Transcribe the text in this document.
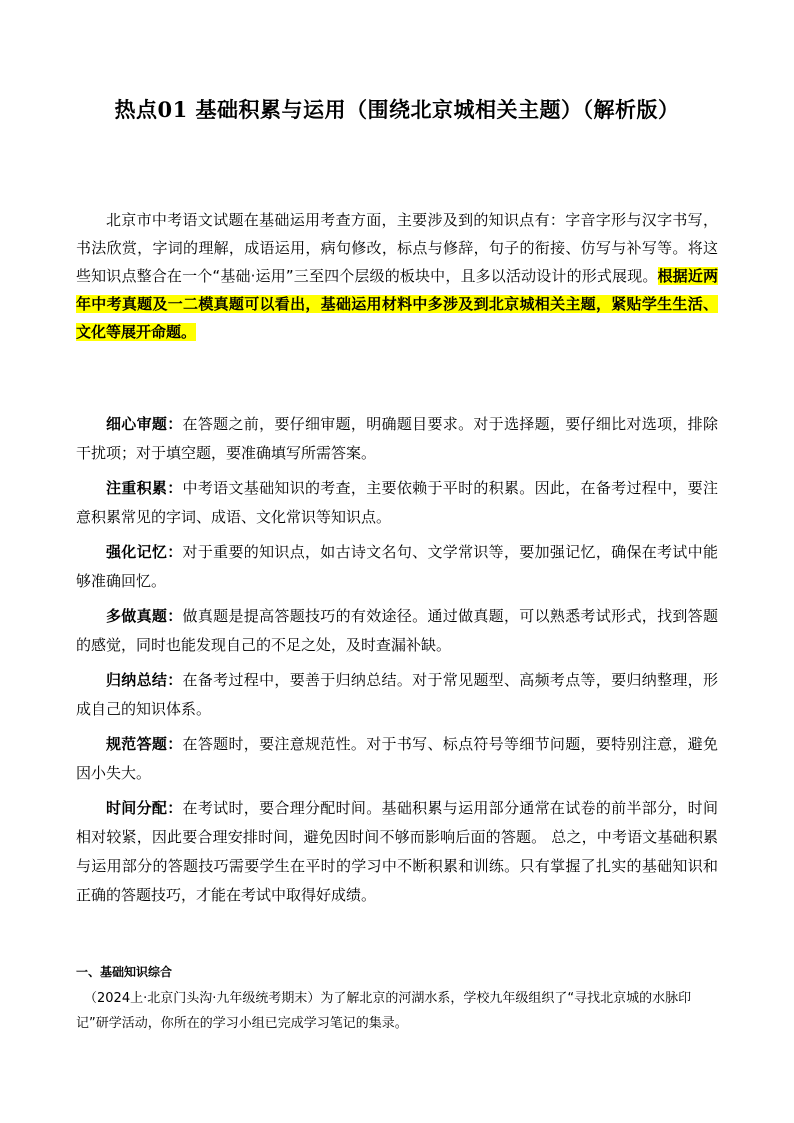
热点01 基础积累与运用（围绕北京城相关主题）（解析版）

北京市中考语文试题在基础运用考查方面，主要涉及到的知识点有：字音字形与汉字书写，书法欣赏，字词的理解，成语运用，病句修改，标点与修辞，句子的衔接、仿写与补写等。将这些知识点整合在一个“基础·运用”三至四个层级的板块中，且多以活动设计的形式展现。根据近两年中考真题及一二模真题可以看出，基础运用材料中多涉及到北京城相关主题，紧贴学生生活、文化等展开命题。

细心审题：在答题之前，要仔细审题，明确题目要求。对于选择题，要仔细比对选项，排除干扰项；对于填空题，要准确填写所需答案。

注重积累：中考语文基础知识的考查，主要依赖于平时的积累。因此，在备考过程中，要注意积累常见的字词、成语、文化常识等知识点。

强化记忆：对于重要的知识点，如古诗文名句、文学常识等，要加强记忆，确保在考试中能够准确回忆。

多做真题：做真题是提高答题技巧的有效途径。通过做真题，可以熟悉考试形式，找到答题的感觉，同时也能发现自己的不足之处，及时查漏补缺。

归纳总结：在备考过程中，要善于归纳总结。对于常见题型、高频考点等，要归纳整理，形成自己的知识体系。

规范答题：在答题时，要注意规范性。对于书写、标点符号等细节问题，要特别注意，避免因小失大。

时间分配：在考试时，要合理分配时间。基础积累与运用部分通常在试卷的前半部分，时间相对较紧，因此要合理安排时间，避免因时间不够而影响后面的答题。 总之，中考语文基础积累与运用部分的答题技巧需要学生在平时的学习中不断积累和训练。只有掌握了扎实的基础知识和正确的答题技巧，才能在考试中取得好成绩。

一、基础知识综合

（2024上·北京门头沟·九年级统考期末）为了解北京的河湖水系，学校九年级组织了“寻找北京城的水脉印记”研学活动，你所在的学习小组已完成学习笔记的集录。
